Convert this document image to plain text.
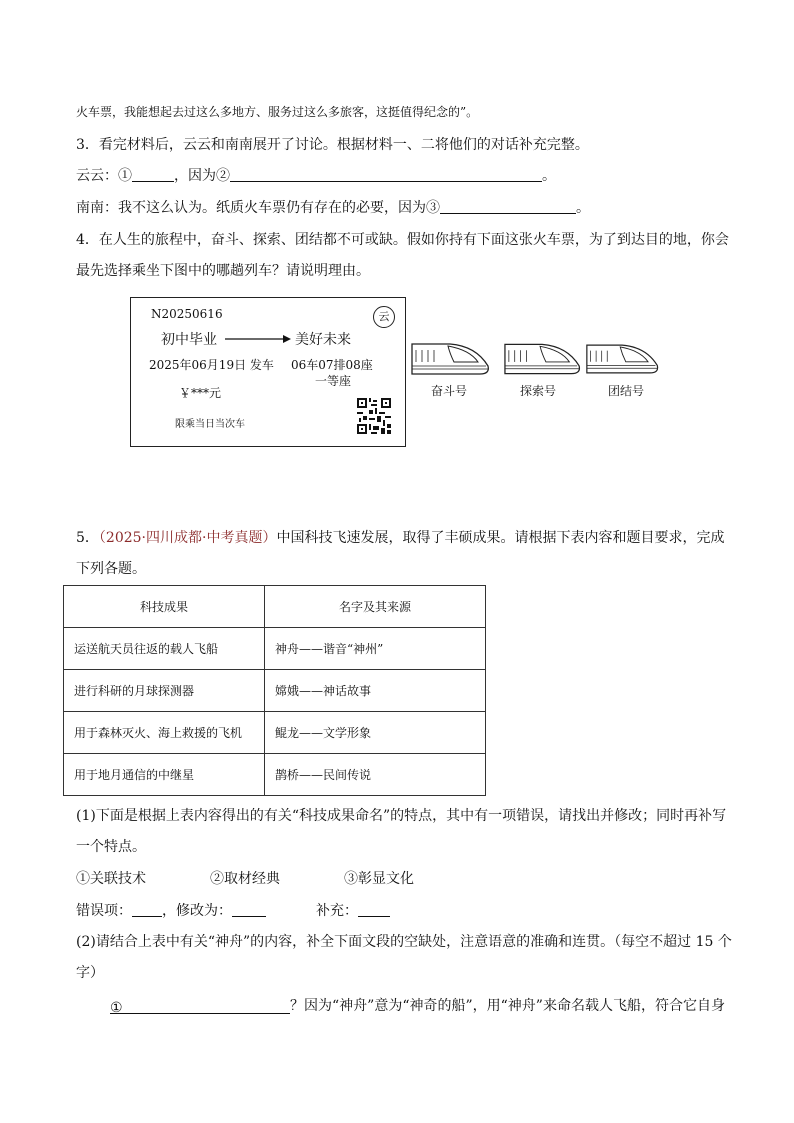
火车票，我能想起去过这么多地方、服务过这么多旅客，这挺值得纪念的”。
3．看完材料后，云云和南南展开了讨论。根据材料一、二将他们的对话补充完整。
云云：①	，因为②	。
南南：我不这么认为。纸质火车票仍有存在的必要，因为③	。
4．在人生的旅程中，奋斗、探索、团结都不可或缺。假如你持有下面这张火车票，为了到达目的地，你会
最先选择乘坐下图中的哪趟列车？请说明理由。
N20250616	云
初中毕业	美好未来
2025年06月19日 发车 06车07排08座
一等座
￥***元
限乘当日当次车
奋斗号	探索号	团结号
5．（2025·四川成都·中考真题）中国科技飞速发展，取得了丰硕成果。请根据下表内容和题目要求，完成
下列各题。
科技成果	名字及其来源
运送航天员往返的载人飞船	神舟——谐音“神州”
进行科研的月球探测器	嫦娥——神话故事
用于森林灭火、海上救援的飞机	鲲龙——文学形象
用于地月通信的中继星	鹊桥——民间传说
(1)下面是根据上表内容得出的有关“科技成果命名”的特点，其中有一项错误，请找出并修改；同时再补写
一个特点。
①关联技术	②取材经典	③彰显文化
错误项： ，修改为：	补充：
(2)请结合上表中有关“神舟”的内容，补全下面文段的空缺处，注意语意的准确和连贯。（每空不超过 15 个
字）
①	？因为“神舟”意为“神奇的船”，用“神舟”来命名载人飞船，符合它自身
